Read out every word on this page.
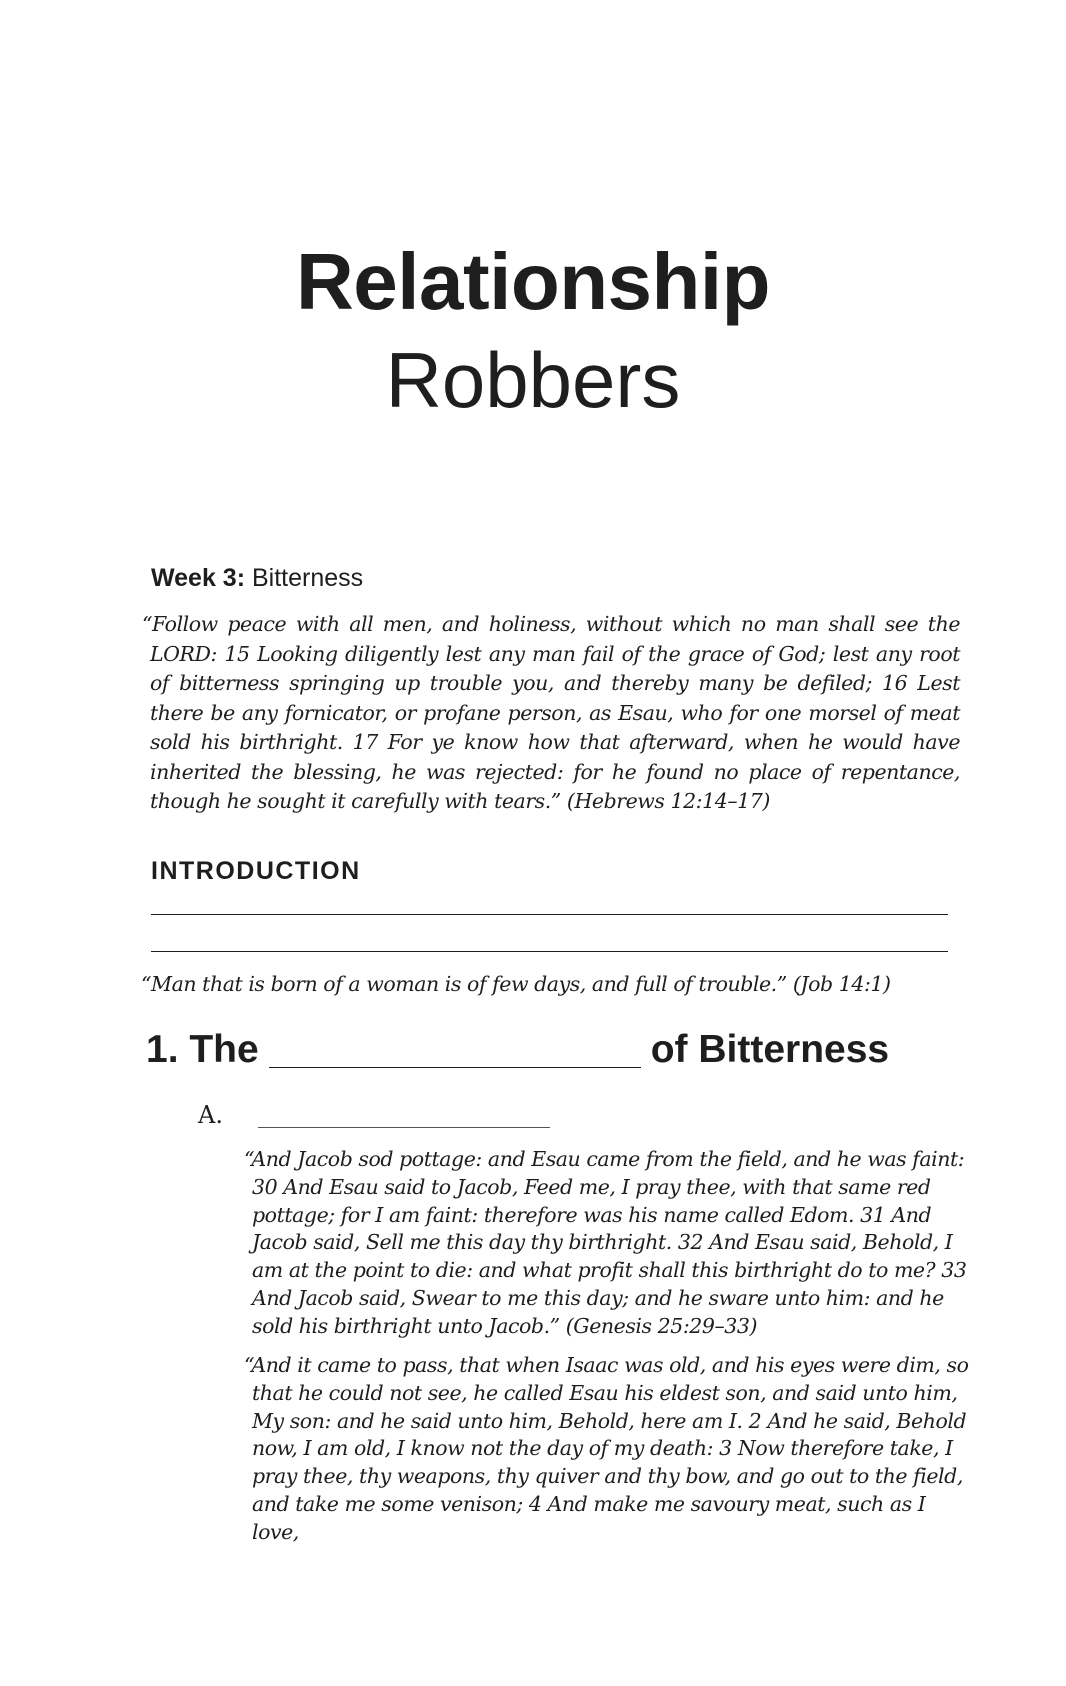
Relationship
Robbers
Week 3: Bitterness
“Follow peace with all men, and holiness, without which no man shall see the LORD: 15 Looking diligently lest any man fail of the grace of God; lest any root of bitterness springing up trouble you, and thereby many be defiled; 16 Lest there be any fornicator, or profane person, as Esau, who for one morsel of meat sold his birthright. 17 For ye know how that afterward, when he would have inherited the blessing, he was rejected: for he found no place of repentance, though he sought it carefully with tears.” (Hebrews 12:14–17)
INTRODUCTION
“Man that is born of a woman is of few days, and full of trouble.” (Job 14:1)
1. The	of Bitterness
A.
“And Jacob sod pottage: and Esau came from the field, and he was faint: 30 And Esau said to Jacob, Feed me, I pray thee, with that same red pottage; for I am faint: therefore was his name called Edom. 31 And Jacob said, Sell me this day thy birthright. 32 And Esau said, Behold, I am at the point to die: and what profit shall this birthright do to me? 33 And Jacob said, Swear to me this day; and he sware unto him: and he sold his birthright unto Jacob.” (Genesis 25:29–33)
“And it came to pass, that when Isaac was old, and his eyes were dim, so that he could not see, he called Esau his eldest son, and said unto him, My son: and he said unto him, Behold, here am I. 2 And he said, Behold now, I am old, I know not the day of my death: 3 Now therefore take, I pray thee, thy weapons, thy quiver and thy bow, and go out to the field, and take me some venison; 4 And make me savoury meat, such as I love,
